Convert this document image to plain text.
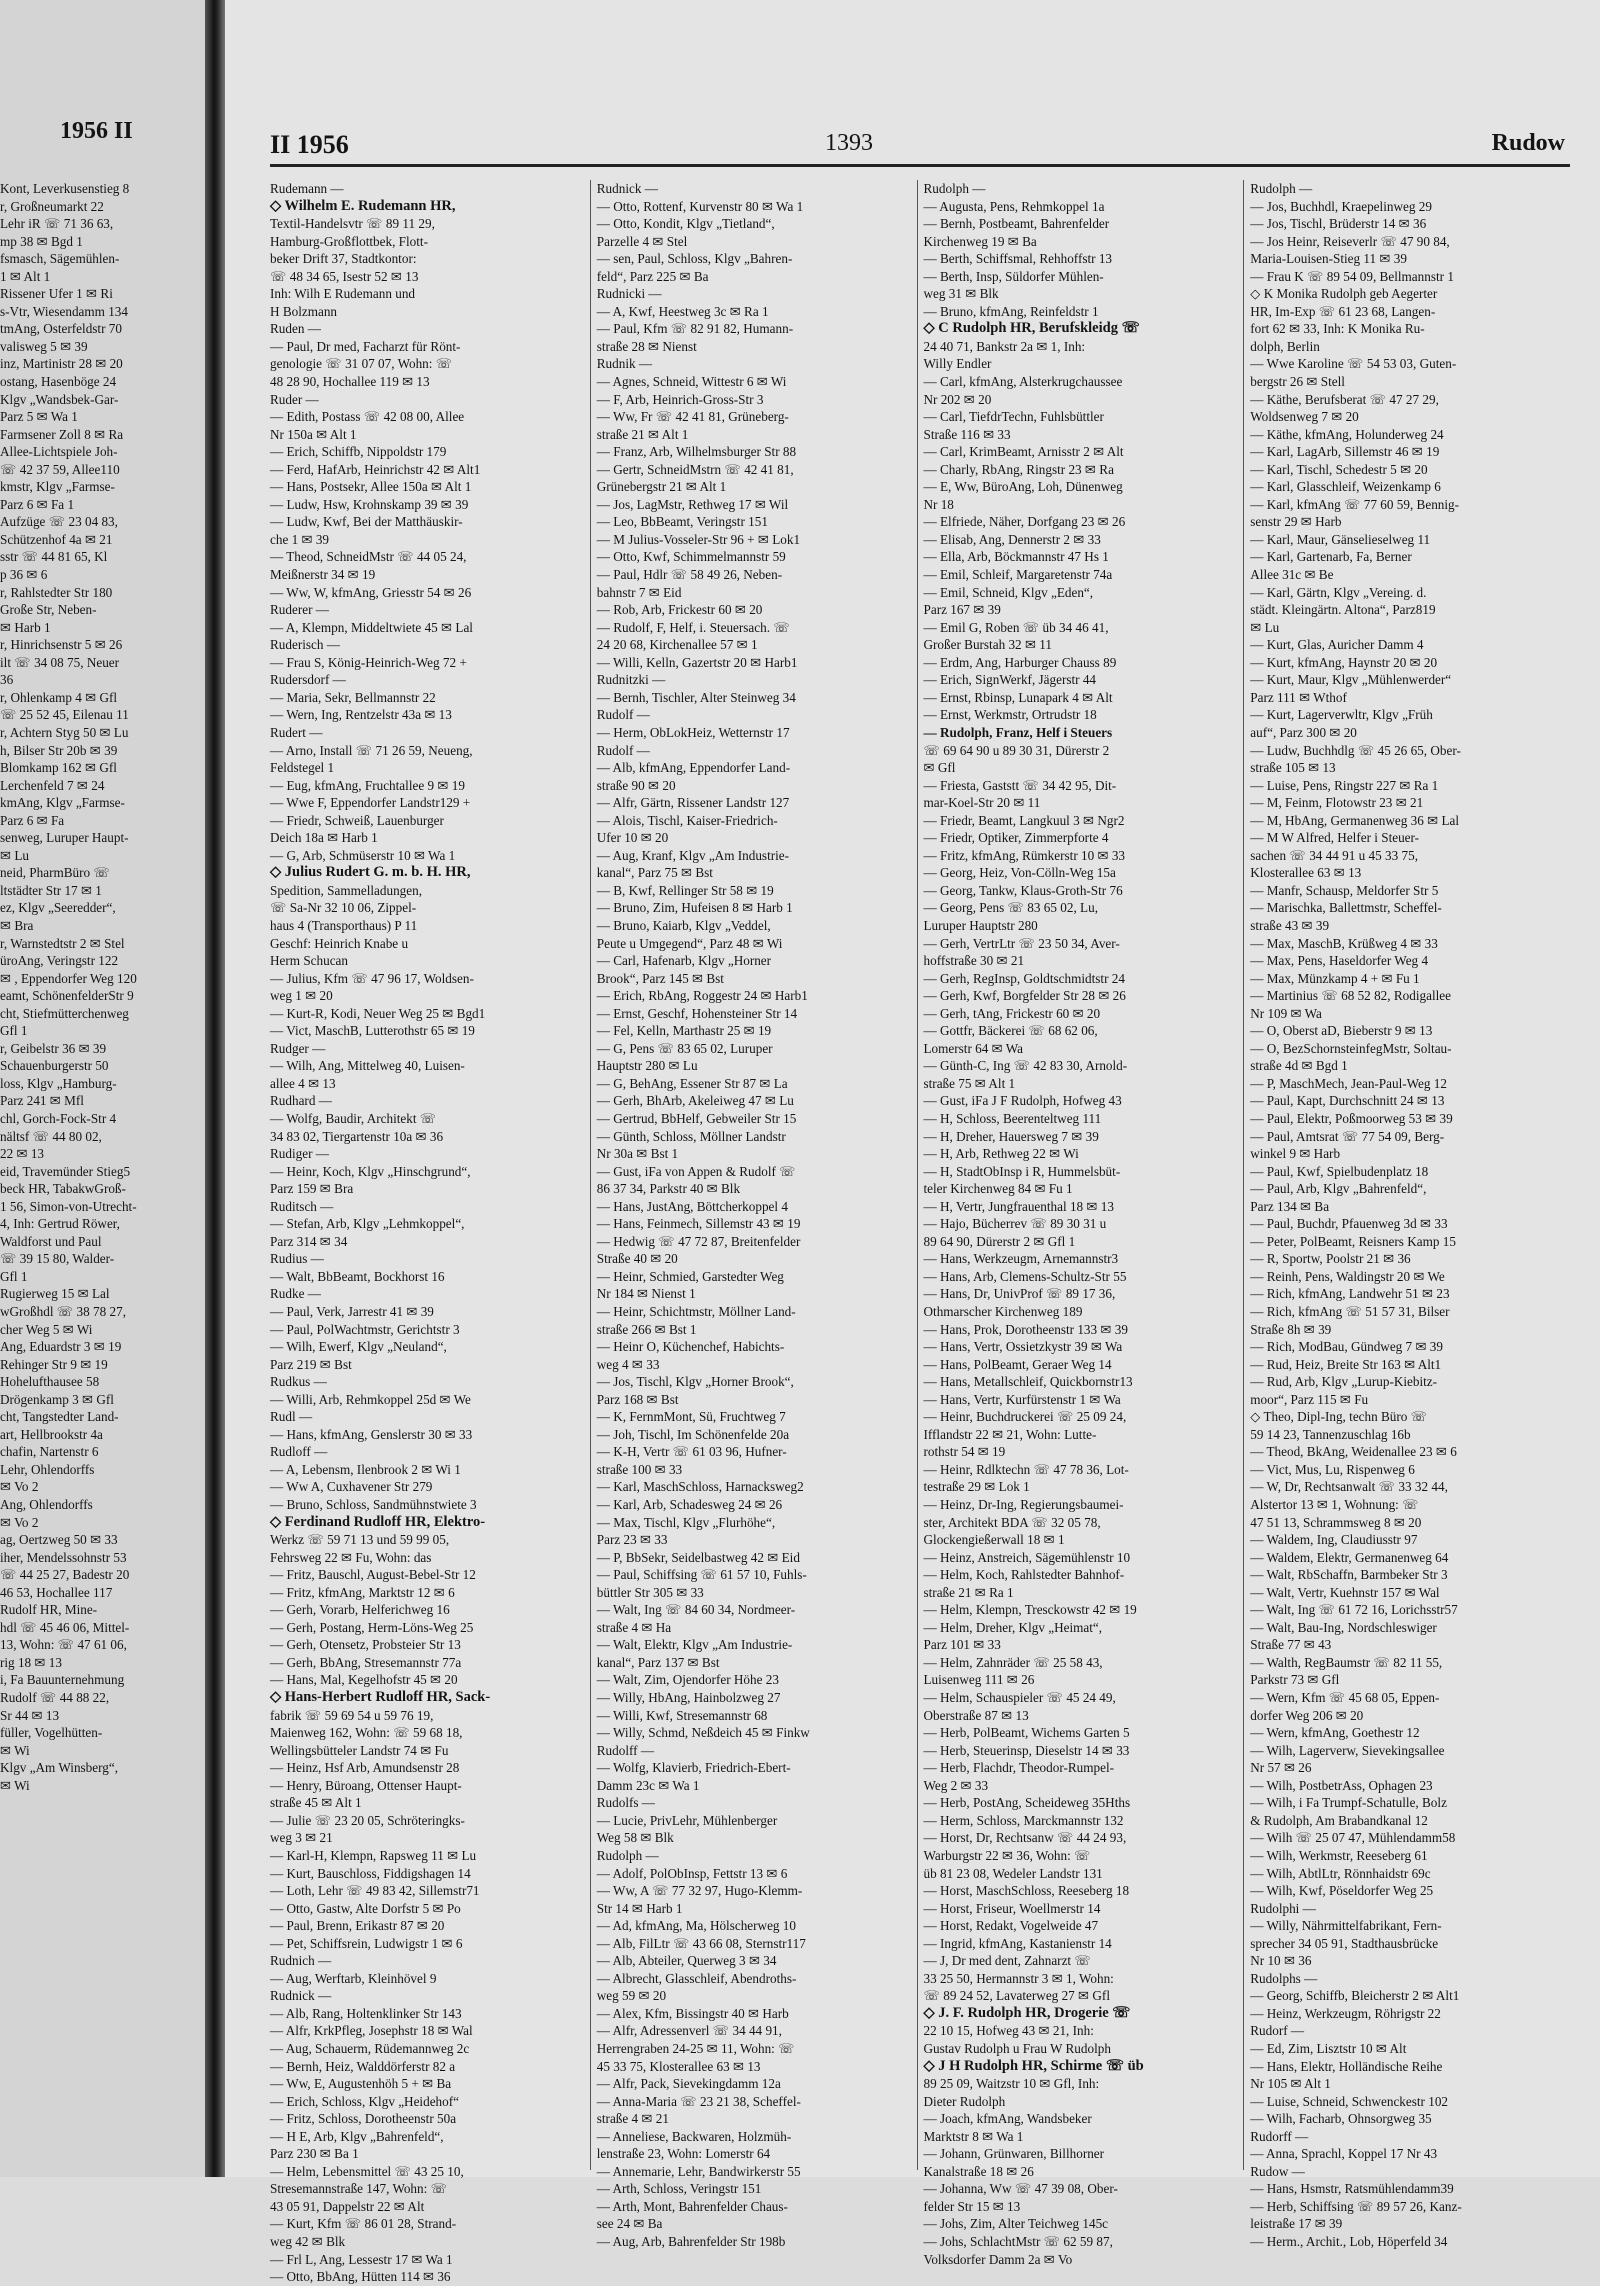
1956 II
Kont, Leverkusenstieg 8
r, Großneumarkt 22
Lehr iR ☏ 71 36 63,
mp 38 ✉ Bgd 1
fsmasch, Sägemühlen-
1 ✉ Alt 1
Rissener Ufer 1 ✉ Ri
s-Vtr, Wiesendamm 134
tmAng, Osterfeldstr 70
valisweg 5 ✉ 39
inz, Martinistr 28 ✉ 20
ostang, Hasenböge 24
Klgv „Wandsbek-Gar-
Parz 5 ✉ Wa 1
Farmsener Zoll 8 ✉ Ra
Allee-Lichtspiele Joh-
☏ 42 37 59, Allee110
kmstr, Klgv „Farmse-
Parz 6 ✉ Fa 1
Aufzüge ☏ 23 04 83,
Schützenhof 4a ✉ 21
sstr ☏ 44 81 65, Kl
p 36 ✉ 6
r, Rahlstedter Str 180
Große Str, Neben-
✉ Harb 1
r, Hinrichsenstr 5 ✉ 26
ilt ☏ 34 08 75, Neuer
36
r, Ohlenkamp 4 ✉ Gfl
☏ 25 52 45, Eilenau 11
r, Achtern Styg 50 ✉ Lu
h, Bilser Str 20b ✉ 39
Blomkamp 162 ✉ Gfl
Lerchenfeld 7 ✉ 24
kmAng, Klgv „Farmse-
Parz 6 ✉ Fa
senweg, Luruper Haupt-
✉ Lu
neid, PharmBüro ☏
ltstädter Str 17 ✉ 1
ez, Klgv „Seeredder“,
✉ Bra
r, Warnstedtstr 2 ✉ Stel
ürоAng, Veringstr 122
✉ , Eppendorfer Weg 120
eamt, SchönenfelderStr 9
cht, Stiefmütterchenweg
Gfl 1
r, Geibelstr 36 ✉ 39
Schauenburgerstr 50
loss, Klgv „Hamburg-
Parz 241 ✉ Mfl
chl, Gorch-Fock-Str 4
nältsf ☏ 44 80 02,
22 ✉ 13
eid, Travemünder Stieg5
beck HR, TabakwGroß-
1 56, Simon-von-Utrecht-
4, Inh: Gertrud Röwer,
Waldforst und Paul
☏ 39 15 80, Walder-
Gfl 1
Rugierweg 15 ✉ Lal
wGroßhdl ☏ 38 78 27,
cher Weg 5 ✉ Wi
Ang, Eduardstr 3 ✉ 19
Rehinger Str 9 ✉ 19
Hohelufthausee 58
Drögenkamp 3 ✉ Gfl
cht, Tangstedter Land-
art, Hellbrookstr 4a
chafin, Nartenstr 6
Lehr, Ohlendorffs
✉ Vo 2
Ang, Ohlendorffs
✉ Vo 2
ag, Oertzweg 50 ✉ 33
iher, Mendelssohnstr 53
☏ 44 25 27, Badestr 20
46 53, Hochallee 117
Rudolf HR, Mine-
hdl ☏ 45 46 06, Mittel-
13, Wohn: ☏ 47 61 06,
rig 18 ✉ 13
i, Fa Bauunternehmung
Rudolf ☏ 44 88 22,
Sr 44 ✉ 13
füller, Vogelhütten-
✉ Wi
Klgv „Am Winsberg“,
✉ Wi
II 1956	1393	Rudow
Rudemann —
◇ Wilhelm E. Rudemann HR,
Textil-Handelsvtr ☏ 89 11 29,
Hamburg-Großflottbek, Flott-
beker Drift 37, Stadtkontor:
☏ 48 34 65, Isestr 52 ✉ 13
Inh: Wilh E Rudemann und
H Bolzmann
Ruden —
— Paul, Dr med, Facharzt für Rönt-
genologie ☏ 31 07 07, Wohn: ☏
48 28 90, Hochallee 119 ✉ 13
Ruder —
— Edith, Postass ☏ 42 08 00, Allee
Nr 150a ✉ Alt 1
— Erich, Schiffb, Nippoldstr 179
— Ferd, HafArb, Heinrichstr 42 ✉ Alt1
— Hans, Postsekr, Allee 150a ✉ Alt 1
— Ludw, Hsw, Krohnskamp 39 ✉ 39
— Ludw, Kwf, Bei der Matthäuskir-
che 1 ✉ 39
— Theod, SchneidMstr ☏ 44 05 24,
Meißnerstr 34 ✉ 19
— Ww, W, kfmAng, Griesstr 54 ✉ 26
Ruderer —
— A, Klempn, Middeltwiete 45 ✉ Lal
Ruderisch —
— Frau S, König-Heinrich-Weg 72 +
Rudersdorf —
— Maria, Sekr, Bellmannstr 22
— Wern, Ing, Rentzelstr 43a ✉ 13
Rudert —
— Arno, Install ☏ 71 26 59, Neueng,
Feldstegel 1
— Eug, kfmAng, Fruchtallee 9 ✉ 19
— Wwe F, Eppendorfer Landstr129 +
— Friedr, Schweiß, Lauenburger
Deich 18a ✉ Harb 1
— G, Arb, Schmüserstr 10 ✉ Wa 1
◇ Julius Rudert G. m. b. H. HR,
Spedition, Sammelladungen,
☏ Sa-Nr 32 10 06, Zippel-
haus 4 (Transporthaus) P 11
Geschf: Heinrich Knabe u
Herm Schucan
— Julius, Kfm ☏ 47 96 17, Woldsen-
weg 1 ✉ 20
— Kurt-R, Kodi, Neuer Weg 25 ✉ Bgd1
— Vict, MaschB, Lutterothstr 65 ✉ 19
Rudger —
— Wilh, Ang, Mittelweg 40, Luisen-
allee 4 ✉ 13
Rudhard —
— Wolfg, Baudir, Architekt ☏
34 83 02, Tiergartenstr 10a ✉ 36
Rudiger —
— Heinr, Koch, Klgv „Hinschgrund“,
Parz 159 ✉ Bra
Ruditsch —
— Stefan, Arb, Klgv „Lehmkoppel“,
Parz 314 ✉ 34
Rudius —
— Walt, BbBeamt, Bockhorst 16
Rudke —
— Paul, Verk, Jarrestr 41 ✉ 39
— Paul, PolWachtmstr, Gerichtstr 3
— Wilh, Ewerf, Klgv „Neuland“,
Parz 219 ✉ Bst
Rudkus —
— Willi, Arb, Rehmkoppel 25d ✉ We
Rudl —
— Hans, kfmAng, Genslerstr 30 ✉ 33
Rudloff —
— A, Lebensm, Ilenbrook 2 ✉ Wi 1
— Ww A, Cuxhavener Str 279
— Bruno, Schloss, Sandmühnstwiete 3
◇ Ferdinand Rudloff HR, Elektro-
Werkz ☏ 59 71 13 und 59 99 05,
Fehrsweg 22 ✉ Fu, Wohn: das
— Fritz, Bauschl, August-Bebel-Str 12
— Fritz, kfmAng, Marktstr 12 ✉ 6
— Gerh, Vorarb, Helferichweg 16
— Gerh, Postang, Herm-Löns-Weg 25
— Gerh, Otensetz, Probsteier Str 13
— Gerh, BbAng, Stresemannstr 77a
— Hans, Mal, Kegelhofstr 45 ✉ 20
◇ Hans-Herbert Rudloff HR, Sack-
fabrik ☏ 59 69 54 u 59 76 19,
Maienweg 162, Wohn: ☏ 59 68 18,
Wellingsbütteler Landstr 74 ✉ Fu
— Heinz, Hsf Arb, Amundsenstr 28
— Henry, Büroang, Ottenser Haupt-
straße 45 ✉ Alt 1
— Julie ☏ 23 20 05, Schröteringks-
weg 3 ✉ 21
— Karl-H, Klempn, Rapsweg 11 ✉ Lu
— Kurt, Bauschloss, Fiddigshagen 14
— Loth, Lehr ☏ 49 83 42, Sillemstr71
— Otto, Gastw, Alte Dorfstr 5 ✉ Po
— Paul, Brenn, Erikastr 87 ✉ 20
— Pet, Schiffsrein, Ludwigstr 1 ✉ 6
Rudnich —
— Aug, Werftarb, Kleinhövel 9
Rudnick —
— Alb, Rang, Holtenklinker Str 143
— Alfr, KrkPfleg, Josephstr 18 ✉ Wal
— Aug, Schauerm, Rüdemannweg 2c
— Bernh, Heiz, Walddörferstr 82 a
— Ww, E, Augustenhöh 5 + ✉ Ba
— Erich, Schloss, Klgv „Heidehof“
— Fritz, Schloss, Dorotheenstr 50a
— H E, Arb, Klgv „Bahrenfeld“,
Parz 230 ✉ Ba 1
— Helm, Lebensmittel ☏ 43 25 10,
Stresemannstraße 147, Wohn: ☏
43 05 91, Dappelstr 22 ✉ Alt
— Kurt, Kfm ☏ 86 01 28, Strand-
weg 42 ✉ Blk
— Frl L, Ang, Lessestr 17 ✉ Wa 1
— Otto, BbAng, Hütten 114 ✉ 36
Rudnick —
— Otto, Rottenf, Kurvenstr 80 ✉ Wa 1
— Otto, Kondit, Klgv „Tietland“,
Parzelle 4 ✉ Stel
— sen, Paul, Schloss, Klgv „Bahren-
feld“, Parz 225 ✉ Ba
Rudnicki —
— A, Kwf, Heestweg 3c ✉ Ra 1
— Paul, Kfm ☏ 82 91 82, Humann-
straße 28 ✉ Nienst
Rudnik —
— Agnes, Schneid, Wittestr 6 ✉ Wi
— F, Arb, Heinrich-Gross-Str 3
— Ww, Fr ☏ 42 41 81, Grüneberg-
straße 21 ✉ Alt 1
— Franz, Arb, Wilhelmsburger Str 88
— Gertr, SchneidMstrn ☏ 42 41 81,
Grünebergstr 21 ✉ Alt 1
— Jos, LagMstr, Rethweg 17 ✉ Wil
— Leo, BbBeamt, Veringstr 151
— M Julius-Vosseler-Str 96 + ✉ Lok1
— Otto, Kwf, Schimmelmannstr 59
— Paul, Hdlr ☏ 58 49 26, Neben-
bahnstr 7 ✉ Eid
— Rob, Arb, Frickestr 60 ✉ 20
— Rudolf, F, Helf, i. Steuersach. ☏
24 20 68, Kirchenallee 57 ✉ 1
— Willi, Kelln, Gazertstr 20 ✉ Harb1
Rudnitzki —
— Bernh, Tischler, Alter Steinweg 34
Rudolf —
— Herm, ObLokHeiz, Wetternstr 17
Rudolf —
— Alb, kfmAng, Eppendorfer Land-
straße 90 ✉ 20
— Alfr, Gärtn, Rissener Landstr 127
— Alois, Tischl, Kaiser-Friedrich-
Ufer 10 ✉ 20
— Aug, Kranf, Klgv „Am Industrie-
kanal“, Parz 75 ✉ Bst
— B, Kwf, Rellinger Str 58 ✉ 19
— Bruno, Zim, Hufeisen 8 ✉ Harb 1
— Bruno, Kaiarb, Klgv „Veddel,
Peute u Umgegend“, Parz 48 ✉ Wi
— Carl, Hafenarb, Klgv „Horner
Brook“, Parz 145 ✉ Bst
— Erich, RbAng, Roggestr 24 ✉ Harb1
— Ernst, Geschf, Hohensteiner Str 14
— Fel, Kelln, Marthastr 25 ✉ 19
— G, Pens ☏ 83 65 02, Luruper
Hauptstr 280 ✉ Lu
— G, BehAng, Essener Str 87 ✉ La
— Gerh, BhArb, Akeleiweg 47 ✉ Lu
— Gertrud, BbHelf, Gebweiler Str 15
— Günth, Schloss, Möllner Landstr
Nr 30a ✉ Bst 1
— Gust, iFa von Appen & Rudolf ☏
86 37 34, Parkstr 40 ✉ Blk
— Hans, JustAng, Böttcherkoppel 4
— Hans, Feinmech, Sillemstr 43 ✉ 19
— Hedwig ☏ 47 72 87, Breitenfelder
Straße 40 ✉ 20
— Heinr, Schmied, Garstedter Weg
Nr 184 ✉ Nienst 1
— Heinr, Schichtmstr, Möllner Land-
straße 266 ✉ Bst 1
— Heinr O, Küchenchef, Habichts-
weg 4 ✉ 33
— Jos, Tischl, Klgv „Horner Brook“,
Parz 168 ✉ Bst
— K, FernmMont, Sü, Fruchtweg 7
— Joh, Tischl, Im Schönenfelde 20a
— K-H, Vertr ☏ 61 03 96, Hufner-
straße 100 ✉ 33
— Karl, MaschSchloss, Harnacksweg2
— Karl, Arb, Schadesweg 24 ✉ 26
— Max, Tischl, Klgv „Flurhöhe“,
Parz 23 ✉ 33
— P, BbSekr, Seidelbastweg 42 ✉ Eid
— Paul, Schiffsing ☏ 61 57 10, Fuhls-
büttler Str 305 ✉ 33
— Walt, Ing ☏ 84 60 34, Nordmeer-
straße 4 ✉ Ha
— Walt, Elektr, Klgv „Am Industrie-
kanal“, Parz 137 ✉ Bst
— Walt, Zim, Ojendorfer Höhe 23
— Willy, HbAng, Hainbolzweg 27
— Willi, Kwf, Stresemannstr 68
— Willy, Schmd, Neßdeich 45 ✉ Finkw
Rudolff —
— Wolfg, Klavierb, Friedrich-Ebert-
Damm 23c ✉ Wa 1
Rudolfs —
— Lucie, PrivLehr, Mühlenberger
Weg 58 ✉ Blk
Rudolph —
— Adolf, PolObInsp, Fettstr 13 ✉ 6
— Ww, A ☏ 77 32 97, Hugo-Klemm-
Str 14 ✉ Harb 1
— Ad, kfmAng, Ma, Hölscherweg 10
— Alb, FilLtr ☏ 43 66 08, Sternstr117
— Alb, Abteiler, Querweg 3 ✉ 34
— Albrecht, Glasschleif, Abendroths-
weg 59 ✉ 20
— Alex, Kfm, Bissingstr 40 ✉ Harb
— Alfr, Adressenverl ☏ 34 44 91,
Herrengraben 24-25 ✉ 11, Wohn: ☏
45 33 75, Klosterallee 63 ✉ 13
— Alfr, Pack, Sievekingdamm 12a
— Anna-Maria ☏ 23 21 38, Scheffel-
straße 4 ✉ 21
— Anneliese, Backwaren, Holzmüh-
lenstraße 23, Wohn: Lomerstr 64
— Annemarie, Lehr, Bandwirkerstr 55
— Arth, Schloss, Veringstr 151
— Arth, Mont, Bahrenfelder Chaus-
see 24 ✉ Ba
— Aug, Arb, Bahrenfelder Str 198b
Rudolph —
— Augusta, Pens, Rehmkoppel 1a
— Bernh, Postbeamt, Bahrenfelder
Kirchenweg 19 ✉ Ba
— Berth, Schiffsmal, Rehhoffstr 13
— Berth, Insp, Süldorfer Mühlen-
weg 31 ✉ Blk
— Bruno, kfmAng, Reinfeldstr 1
◇ C Rudolph HR, Berufskleidg ☏
24 40 71, Bankstr 2a ✉ 1, Inh:
Willy Endler
— Carl, kfmAng, Alsterkrugchaussee
Nr 202 ✉ 20
— Carl, TiefdrTechn, Fuhlsbüttler
Straße 116 ✉ 33
— Carl, KrimBeamt, Arnisstr 2 ✉ Alt
— Charly, RbAng, Ringstr 23 ✉ Ra
— E, Ww, BüroAng, Loh, Dünenweg
Nr 18
— Elfriede, Näher, Dorfgang 23 ✉ 26
— Elisab, Ang, Dennerstr 2 ✉ 33
— Ella, Arb, Böckmannstr 47 Hs 1
— Emil, Schleif, Margaretenstr 74a
— Emil, Schneid, Klgv „Eden“,
Parz 167 ✉ 39
— Emil G, Roben ☏ üb 34 46 41,
Großer Burstah 32 ✉ 11
— Erdm, Ang, Harburger Chauss 89
— Erich, SignWerkf, Jägerstr 44
— Ernst, Rbinsp, Lunapark 4 ✉ Alt
— Ernst, Werkmstr, Ortrudstr 18
— Rudolph, Franz, Helf i Steuers
☏ 69 64 90 u 89 30 31, Dürerstr 2
✉ Gfl
— Friesta, Gaststt ☏ 34 42 95, Dit-
mar-Koel-Str 20 ✉ 11
— Friedr, Beamt, Langkuul 3 ✉ Ngr2
— Friedr, Optiker, Zimmerpforte 4
— Fritz, kfmAng, Rümkerstr 10 ✉ 33
— Georg, Heiz, Von-Cölln-Weg 15a
— Georg, Tankw, Klaus-Groth-Str 76
— Georg, Pens ☏ 83 65 02, Lu,
Luruper Hauptstr 280
— Gerh, VertrLtr ☏ 23 50 34, Aver-
hoffstraße 30 ✉ 21
— Gerh, RegInsp, Goldtschmidtstr 24
— Gerh, Kwf, Borgfelder Str 28 ✉ 26
— Gerh, tAng, Frickestr 60 ✉ 20
— Gottfr, Bäckerei ☏ 68 62 06,
Lomerstr 64 ✉ Wa
— Günth-C, Ing ☏ 42 83 30, Arnold-
straße 75 ✉ Alt 1
— Gust, iFa J F Rudolph, Hofweg 43
— H, Schloss, Beerenteltweg 111
— H, Dreher, Hauersweg 7 ✉ 39
— H, Arb, Rethweg 22 ✉ Wi
— H, StadtObInsp i R, Hummelsbüt-
teler Kirchenweg 84 ✉ Fu 1
— H, Vertr, Jungfrauenthal 18 ✉ 13
— Hajo, Bücherrev ☏ 89 30 31 u
89 64 90, Dürerstr 2 ✉ Gfl 1
— Hans, Werkzeugm, Arnemannstr3
— Hans, Arb, Clemens-Schultz-Str 55
— Hans, Dr, UnivProf ☏ 89 17 36,
Othmarscher Kirchenweg 189
— Hans, Prok, Dorotheenstr 133 ✉ 39
— Hans, Vertr, Ossietzkystr 39 ✉ Wa
— Hans, PolBeamt, Geraer Weg 14
— Hans, Metallschleif, Quickbornstr13
— Hans, Vertr, Kurfürstenstr 1 ✉ Wa
— Heinr, Buchdruckerei ☏ 25 09 24,
Ifflandstr 22 ✉ 21, Wohn: Lutte-
rothstr 54 ✉ 19
— Heinr, Rdlktechn ☏ 47 78 36, Lot-
testraße 29 ✉ Lok 1
— Heinz, Dr-Ing, Regierungsbaumei-
ster, Architekt BDA ☏ 32 05 78,
Glockengießerwall 18 ✉ 1
— Heinz, Anstreich, Sägemühlenstr 10
— Helm, Koch, Rahlstedter Bahnhof-
straße 21 ✉ Ra 1
— Helm, Klempn, Tresckowstr 42 ✉ 19
— Helm, Dreher, Klgv „Heimat“,
Parz 101 ✉ 33
— Helm, Zahnräder ☏ 25 58 43,
Luisenweg 111 ✉ 26
— Helm, Schauspieler ☏ 45 24 49,
Oberstraße 87 ✉ 13
— Herb, PolBeamt, Wichems Garten 5
— Herb, Steuerinsp, Dieselstr 14 ✉ 33
— Herb, Flachdr, Theodor-Rumpel-
Weg 2 ✉ 33
— Herb, PostAng, Scheideweg 35Hths
— Herm, Schloss, Marckmannstr 132
— Horst, Dr, Rechtsanw ☏ 44 24 93,
Warburgstr 22 ✉ 36, Wohn: ☏
üb 81 23 08, Wedeler Landstr 131
— Horst, MaschSchloss, Reeseberg 18
— Horst, Friseur, Woellmerstr 14
— Horst, Redakt, Vogelweide 47
— Ingrid, kfmAng, Kastanienstr 14
— J, Dr med dent, Zahnarzt ☏
33 25 50, Hermannstr 3 ✉ 1, Wohn:
☏ 89 24 52, Lavaterweg 27 ✉ Gfl
◇ J. F. Rudolph HR, Drogerie ☏
22 10 15, Hofweg 43 ✉ 21, Inh:
Gustav Rudolph u Frau W Rudolph
◇ J H Rudolph HR, Schirme ☏ üb
89 25 09, Waitzstr 10 ✉ Gfl, Inh:
Dieter Rudolph
— Joach, kfmAng, Wandsbeker
Marktstr 8 ✉ Wa 1
— Johann, Grünwaren, Billhorner
Kanalstraße 18 ✉ 26
— Johanna, Ww ☏ 47 39 08, Ober-
felder Str 15 ✉ 13
— Johs, Zim, Alter Teichweg 145c
— Johs, SchlachtMstr ☏ 62 59 87,
Volksdorfer Damm 2a ✉ Vo
Rudolph —
— Jos, Buchhdl, Kraepelinweg 29
— Jos, Tischl, Brüderstr 14 ✉ 36
— Jos Heinr, Reiseverlr ☏ 47 90 84,
Maria-Louisen-Stieg 11 ✉ 39
— Frau K ☏ 89 54 09, Bellmannstr 1
◇ K Monika Rudolph geb Aegerter
HR, Im-Exp ☏ 61 23 68, Langen-
fort 62 ✉ 33, Inh: K Monika Ru-
dolph, Berlin
— Wwe Karoline ☏ 54 53 03, Guten-
bergstr 26 ✉ Stell
— Käthe, Berufsberat ☏ 47 27 29,
Woldsenweg 7 ✉ 20
— Käthe, kfmAng, Holunderweg 24
— Karl, LagArb, Sillemstr 46 ✉ 19
— Karl, Tischl, Schedestr 5 ✉ 20
— Karl, Glasschleif, Weizenkamp 6
— Karl, kfmAng ☏ 77 60 59, Bennig-
senstr 29 ✉ Harb
— Karl, Maur, Gänselieselweg 11
— Karl, Gartenarb, Fa, Berner
Allee 31c ✉ Be
— Karl, Gärtn, Klgv „Vereing. d.
städt. Kleingärtn. Altona“, Parz819
✉ Lu
— Kurt, Glas, Auricher Damm 4
— Kurt, kfmAng, Haynstr 20 ✉ 20
— Kurt, Maur, Klgv „Mühlenwerder“
Parz 111 ✉ Wthof
— Kurt, Lagerverwltr, Klgv „Früh
auf“, Parz 300 ✉ 20
— Ludw, Buchhdlg ☏ 45 26 65, Ober-
straße 105 ✉ 13
— Luise, Pens, Ringstr 227 ✉ Ra 1
— M, Feinm, Flotowstr 23 ✉ 21
— M, HbAng, Germanenweg 36 ✉ Lal
— M W Alfred, Helfer i Steuer-
sachen ☏ 34 44 91 u 45 33 75,
Klosterallee 63 ✉ 13
— Manfr, Schausp, Meldorfer Str 5
— Marischka, Ballettmstr, Scheffel-
straße 43 ✉ 39
— Max, MaschB, Krüßweg 4 ✉ 33
— Max, Pens, Haseldorfer Weg 4
— Max, Münzkamp 4 + ✉ Fu 1
— Martinius ☏ 68 52 82, Rodigallee
Nr 109 ✉ Wa
— O, Oberst aD, Bieberstr 9 ✉ 13
— O, BezSchornsteinfegMstr, Soltau-
straße 4d ✉ Bgd 1
— P, MaschMech, Jean-Paul-Weg 12
— Paul, Kapt, Durchschnitt 24 ✉ 13
— Paul, Elektr, Poßmoorweg 53 ✉ 39
— Paul, Amtsrat ☏ 77 54 09, Berg-
winkel 9 ✉ Harb
— Paul, Kwf, Spielbudenplatz 18
— Paul, Arb, Klgv „Bahrenfeld“,
Parz 134 ✉ Ba
— Paul, Buchdr, Pfauenweg 3d ✉ 33
— Peter, PolBeamt, Reisners Kamp 15
— R, Sportw, Poolstr 21 ✉ 36
— Reinh, Pens, Waldingstr 20 ✉ We
— Rich, kfmAng, Landwehr 51 ✉ 23
— Rich, kfmAng ☏ 51 57 31, Bilser
Straße 8h ✉ 39
— Rich, ModBau, Gündweg 7 ✉ 39
— Rud, Heiz, Breite Str 163 ✉ Alt1
— Rud, Arb, Klgv „Lurup-Kiebitz-
moor“, Parz 115 ✉ Fu
◇ Theo, Dipl-Ing, techn Büro ☏
59 14 23, Tannenzuschlag 16b
— Theod, BkAng, Weidenallee 23 ✉ 6
— Vict, Mus, Lu, Rispenweg 6
— W, Dr, Rechtsanwalt ☏ 33 32 44,
Alstertor 13 ✉ 1, Wohnung: ☏
47 51 13, Schrammsweg 8 ✉ 20
— Waldem, Ing, Claudiusstr 97
— Waldem, Elektr, Germanenweg 64
— Walt, RbSchaffn, Barmbeker Str 3
— Walt, Vertr, Kuehnstr 157 ✉ Wal
— Walt, Ing ☏ 61 72 16, Lorichsstr57
— Walt, Bau-Ing, Nordschleswiger
Straße 77 ✉ 43
— Walth, RegBaumstr ☏ 82 11 55,
Parkstr 73 ✉ Gfl
— Wern, Kfm ☏ 45 68 05, Eppen-
dorfer Weg 206 ✉ 20
— Wern, kfmAng, Goethestr 12
— Wilh, Lagerverw, Sievekingsallee
Nr 57 ✉ 26
— Wilh, PostbetrAss, Ophagen 23
— Wilh, i Fa Trumpf-Schatulle, Bolz
& Rudolph, Am Brabandkanal 12
— Wilh ☏ 25 07 47, Mühlendamm58
— Wilh, Werkmstr, Reeseberg 61
— Wilh, AbtlLtr, Rönnhaidstr 69c
— Wilh, Kwf, Pöseldorfer Weg 25
Rudolphi —
— Willy, Nährmittelfabrikant, Fern-
sprecher 34 05 91, Stadthausbrücke
Nr 10 ✉ 36
Rudolphs —
— Georg, Schiffb, Bleicherstr 2 ✉ Alt1
— Heinz, Werkzeugm, Röhrigstr 22
Rudorf —
— Ed, Zim, Lisztstr 10 ✉ Alt
— Hans, Elektr, Holländische Reihe
Nr 105 ✉ Alt 1
— Luise, Schneid, Schwenckestr 102
— Wilh, Facharb, Ohnsorgweg 35
Rudorff —
— Anna, Sprachl, Koppel 17 Nr 43
Rudow —
— Hans, Hsmstr, Ratsmühlendamm39
— Herb, Schiffsing ☏ 89 57 26, Kanz-
leistraße 17 ✉ 39
— Herm., Archit., Lob, Höperfeld 34
